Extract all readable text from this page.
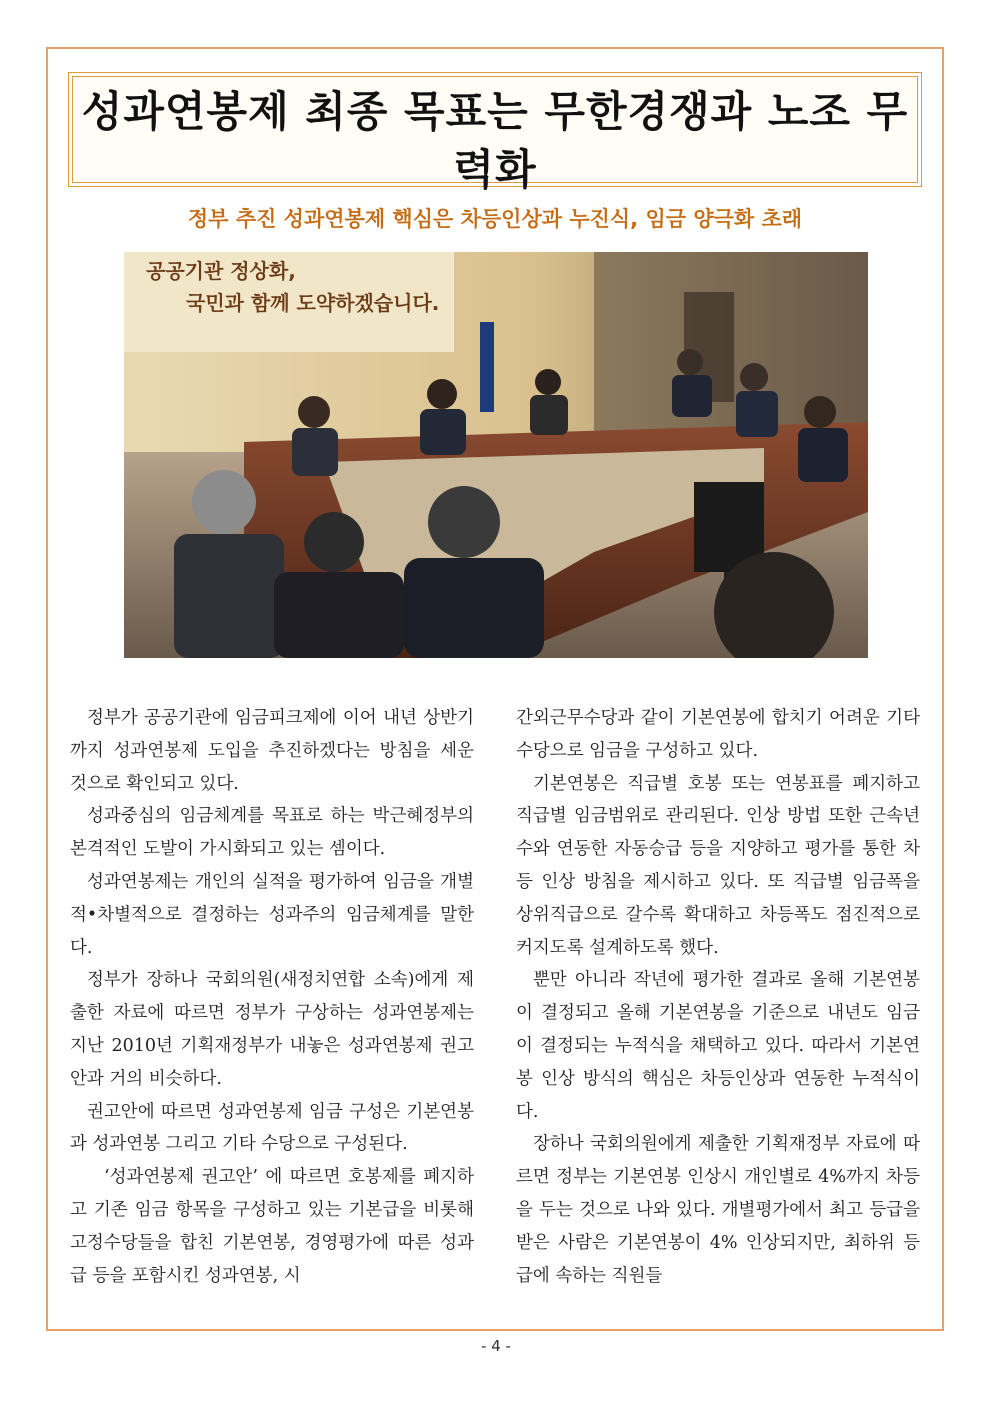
성과연봉제 최종 목표는 무한경쟁과 노조 무력화
정부 추진 성과연봉제 핵심은 차등인상과 누진식, 임금 양극화 초래
공공기관 정상화,
국민과 함께 도약하겠습니다.

정부가 공공기관에 임금피크제에 이어 내년 상반기까지 성과연봉제 도입을 추진하겠다는 방침을 세운 것으로 확인되고 있다.

성과중심의 임금체계를 목표로 하는 박근혜정부의 본격적인 도발이 가시화되고 있는 셈이다.

성과연봉제는 개인의 실적을 평가하여 임금을 개별적•차별적으로 결정하는 성과주의 임금체계를 말한다.

정부가 장하나 국회의원(새정치연합 소속)에게 제출한 자료에 따르면 정부가 구상하는 성과연봉제는 지난 2010년 기획재정부가 내놓은 성과연봉제 권고안과 거의 비슷하다.

권고안에 따르면 성과연봉제 임금 구성은 기본연봉과 성과연봉 그리고 기타 수당으로 구성된다.

‘성과연봉제 권고안’ 에 따르면 호봉제를 폐지하고 기존 임금 항목을 구성하고 있는 기본급을 비롯해 고정수당들을 합친 기본연봉, 경영평가에 따른 성과급 등을 포함시킨 성과연봉, 시

간외근무수당과 같이 기본연봉에 합치기 어려운 기타 수당으로 임금을 구성하고 있다.

기본연봉은 직급별 호봉 또는 연봉표를 폐지하고 직급별 임금범위로 관리된다. 인상 방법 또한 근속년수와 연동한 자동승급 등을 지양하고 평가를 통한 차등 인상 방침을 제시하고 있다. 또 직급별 임금폭을 상위직급으로 갈수록 확대하고 차등폭도 점진적으로 커지도록 설계하도록 했다.

뿐만 아니라 작년에 평가한 결과로 올해 기본연봉이 결정되고 올해 기본연봉을 기준으로 내년도 임금이 결정되는 누적식을 채택하고 있다. 따라서 기본연봉 인상 방식의 핵심은 차등인상과 연동한 누적식이다.

장하나 국회의원에게 제출한 기획재정부 자료에 따르면 정부는 기본연봉 인상시 개인별로 4%까지 차등을 두는 것으로 나와 있다. 개별평가에서 최고 등급을 받은 사람은 기본연봉이 4% 인상되지만, 최하위 등급에 속하는 직원들

- 4 -
